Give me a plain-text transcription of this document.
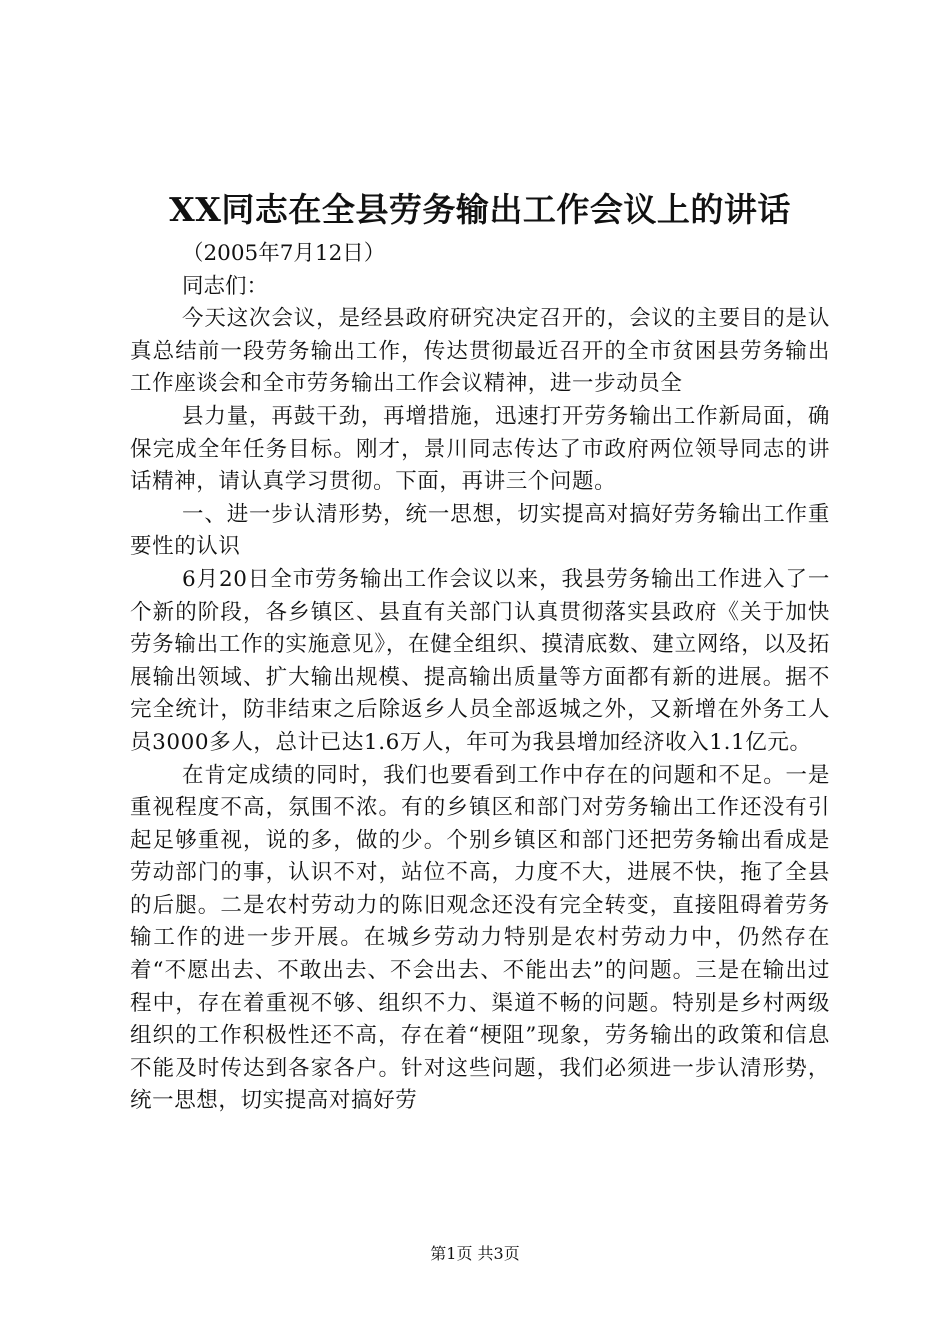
XX同志在全县劳务输出工作会议上的讲话

（2005年7月12日）

同志们：

今天这次会议，是经县政府研究决定召开的，会议的主要目的是认真总结前一段劳务输出工作，传达贯彻最近召开的全市贫困县劳务输出工作座谈会和全市劳务输出工作会议精神，进一步动员全

县力量，再鼓干劲，再增措施，迅速打开劳务输出工作新局面，确保完成全年任务目标。刚才，景川同志传达了市政府两位领导同志的讲话精神，请认真学习贯彻。下面，再讲三个问题。

一、进一步认清形势，统一思想，切实提高对搞好劳务输出工作重要性的认识

6月20日全市劳务输出工作会议以来，我县劳务输出工作进入了一个新的阶段，各乡镇区、县直有关部门认真贯彻落实县政府《关于加快劳务输出工作的实施意见》，在健全组织、摸清底数、建立网络，以及拓展输出领域、扩大输出规模、提高输出质量等方面都有新的进展。据不完全统计，防非结束之后除返乡人员全部返城之外，又新增在外务工人员3000多人，总计已达1.6万人，年可为我县增加经济收入1.1亿元。

在肯定成绩的同时，我们也要看到工作中存在的问题和不足。一是重视程度不高，氛围不浓。有的乡镇区和部门对劳务输出工作还没有引起足够重视，说的多，做的少。个别乡镇区和部门还把劳务输出看成是劳动部门的事，认识不对，站位不高，力度不大，进展不快，拖了全县的后腿。二是农村劳动力的陈旧观念还没有完全转变，直接阻碍着劳务输工作的进一步开展。在城乡劳动力特别是农村劳动力中，仍然存在着“不愿出去、不敢出去、不会出去、不能出去”的问题。三是在输出过程中，存在着重视不够、组织不力、渠道不畅的问题。特别是乡村两级组织的工作积极性还不高，存在着“梗阻”现象，劳务输出的政策和信息不能及时传达到各家各户。针对这些问题，我们必须进一步认清形势，统一思想，切实提高对搞好劳

第1页 共3页
